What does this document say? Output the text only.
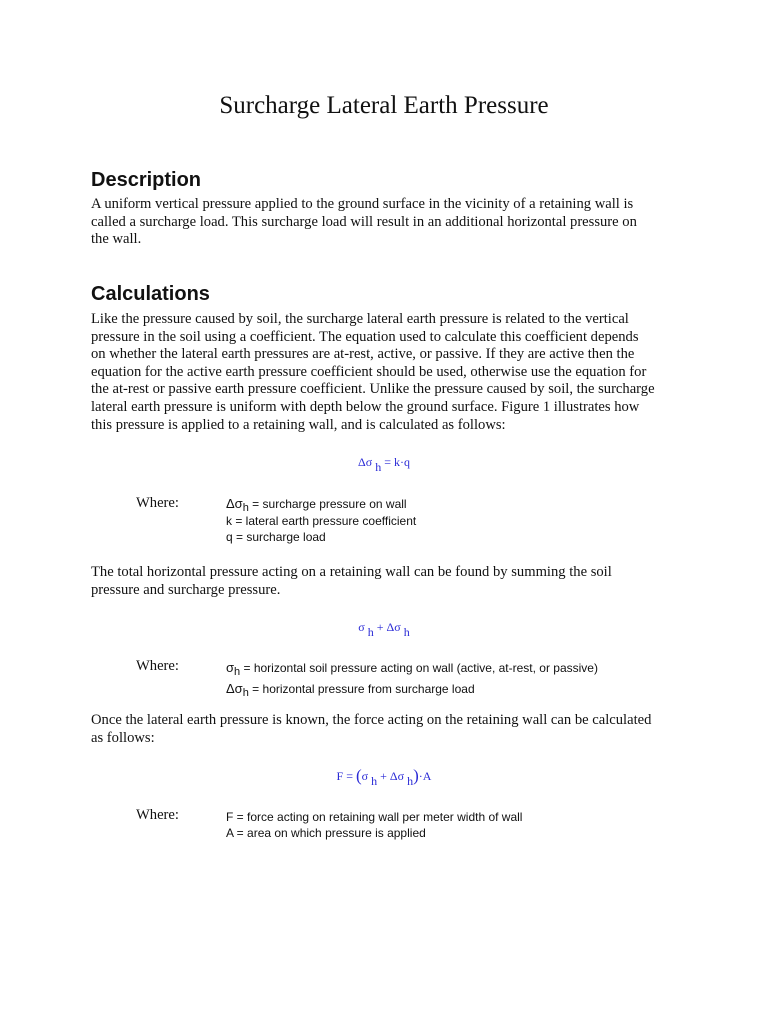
Surcharge Lateral Earth Pressure
Description
A uniform vertical pressure applied to the ground surface in the vicinity of a retaining wall is
called a surcharge load. This surcharge load will result in an additional horizontal pressure on
the wall.
Calculations
Like the pressure caused by soil, the surcharge lateral earth pressure is related to the vertical
pressure in the soil using a coefficient. The equation used to calculate this coefficient depends
on whether the lateral earth pressures are at-rest, active, or passive. If they are active then the
equation for the active earth pressure coefficient should be used, otherwise use the equation for
the at-rest or passive earth pressure coefficient. Unlike the pressure caused by soil, the surcharge
lateral earth pressure is uniform with depth below the ground surface. Figure 1 illustrates how
this pressure is applied to a retaining wall, and is calculated as follows:
Δσ h = k·q
Where:	Δσh = surcharge pressure on wall
k = lateral earth pressure coefficient
q = surcharge load
The total horizontal pressure acting on a retaining wall can be found by summing the soil
pressure and surcharge pressure.
σ h + Δσ h
Where:	σh = horizontal soil pressure acting on wall (active, at-rest, or passive)
Δσh = horizontal pressure from surcharge load
Once the lateral earth pressure is known, the force acting on the retaining wall can be calculated
as follows:
F = (σ h + Δσ h)·A
Where:	F = force acting on retaining wall per meter width of wall
A = area on which pressure is applied
